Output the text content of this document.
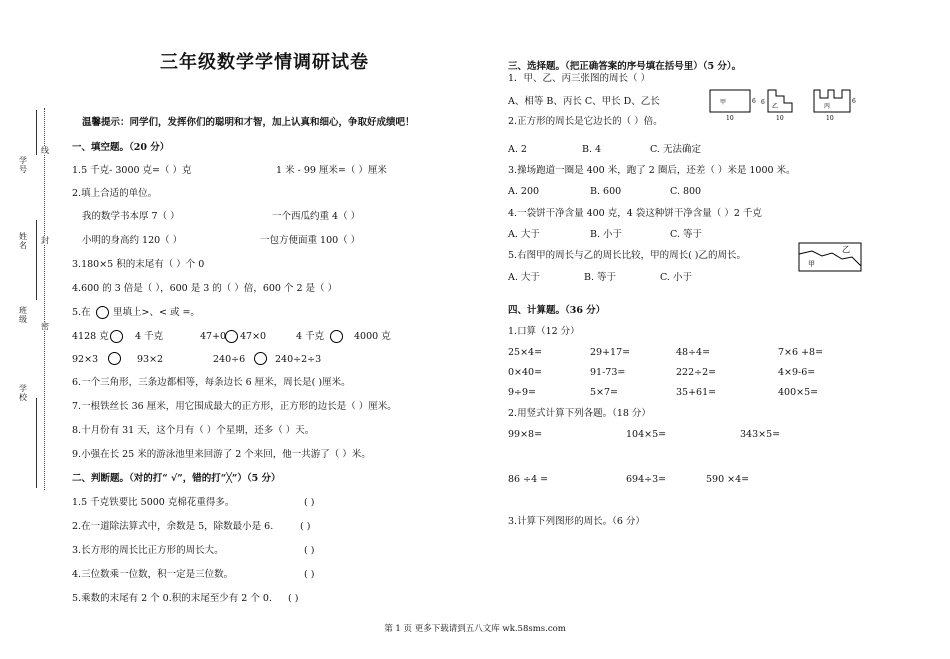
学校
班级
姓名
学号
线
封
密
三年级数学学情调研试卷
温馨提示：同学们，发挥你们的聪明和才智，加上认真和细心，争取好成绩吧！
一、填空题。（20 分）
1.5 千克- 3000 克=（ ）克	1 米 - 99 厘米=（ ）厘米
2.填上合适的单位。
我的数学书本厚 7（ ）	一个西瓜约重 4（ ）
小明的身高约 120（ ）	一包方便面重 100（ ）
3.180×5 积的末尾有（ ）个 0
4.600 的 3 倍是（ ），600 是 3 的（ ）倍，600 个 2 是（ ）
5.在 里填上>、< 或 =。
4128 克	4 千克	47+0 47×0	4 千克	4000 克
92×3	93×2	240÷6	240÷2÷3
6.一个三角形，三条边都相等，每条边长 6 厘米，周长是( )厘米。
7.一根铁丝长 36 厘米，用它围成最大的正方形，正方形的边长是（ ）厘米。
8.十月份有 31 天，这个月有（ ）个星期，还多（ ）天。
9.小强在长 25 米的游泳池里来回游了 2 个来回，他一共游了（ ）米。
二、判断题。（对的打“ √”，错的打“╳”）（5 分）
1.5 千克铁要比 5000 克棉花重得多。	( )
2.在一道除法算式中，余数是 5，除数最小是 6.	( )
3.长方形的周长比正方形的周长大。	( )
4.三位数乘一位数，积一定是三位数。	( )
5.乘数的末尾有 2 个 0.积的末尾至少有 2 个 0. ( )
三、选择题。（把正确答案的序号填在括号里）（5 分）。
1．甲、乙、丙三张图的周长（ ）
A、相等 B、丙长 C、甲长 D、乙长	甲	6
10
6
乙
10
丙
6
10
2.正方形的周长是它边长的（ ）倍。
A. 2	B. 4	C. 无法确定
3.操场跑道一圈是 400 米，跑了 2 圈后，还差（ ）米是 1000 米。
A. 200	B. 600	C. 800
4.一袋饼干净含量 400 克，4 袋这种饼干净含量（ ）2 千克
A. 大于	B. 小于	C. 等于
5.右图甲的周长与乙的周长比较，甲的周长( )乙的周长。
甲
乙
A. 大于	B. 等于	C. 小于
四、计算题。（36 分）
1.口算（12 分）
25×4=	29+17=	48÷4=	7×6 +8=
0×40=	91-73=	222÷2=	4×9-6=
9÷9=	5×7=	35+61=	400×5=
2.用竖式计算下列各题。（18 分）
99×8=	104×5=	343×5=
86 ÷4 =	694÷3=	590 ×4=
3.计算下列图形的周长。（6 分）
第 1 页 更多下载请到五八文库 wk.58sms.com
